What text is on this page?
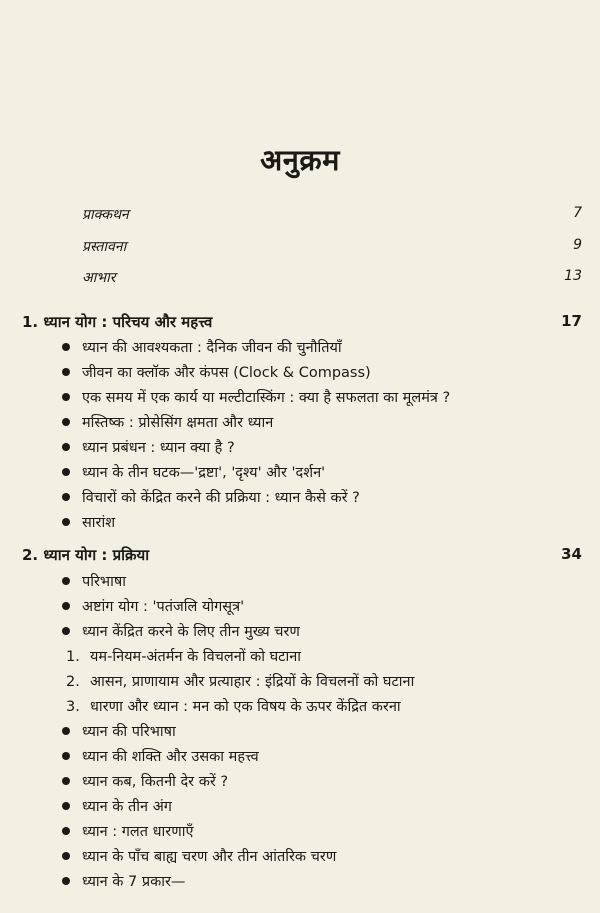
अनुक्रम
प्राक्कथन	7
प्रस्तावना	9
आभार	13
1. ध्यान योग : परिचय और महत्त्व	17
ध्यान की आवश्यकता : दैनिक जीवन की चुनौतियाँ
जीवन का क्लॉक और कंपस (Clock & Compass)
एक समय में एक कार्य या मल्टीटास्किंग : क्या है सफलता का मूलमंत्र ?
मस्तिष्क : प्रोसेसिंग क्षमता और ध्यान
ध्यान प्रबंधन : ध्यान क्या है ?
ध्यान के तीन घटक—'द्रष्टा', 'दृश्य' और 'दर्शन'
विचारों को केंद्रित करने की प्रक्रिया : ध्यान कैसे करें ?
सारांश
2. ध्यान योग : प्रक्रिया	34
परिभाषा
अष्टांग योग : 'पतंजलि योगसूत्र'
ध्यान केंद्रित करने के लिए तीन मुख्य चरण
1. यम-नियम-अंतर्मन के विचलनों को घटाना
2. आसन, प्राणायाम और प्रत्याहार : इंद्रियों के विचलनों को घटाना
3. धारणा और ध्यान : मन को एक विषय के ऊपर केंद्रित करना
ध्यान की परिभाषा
ध्यान की शक्ति और उसका महत्त्व
ध्यान कब, कितनी देर करें ?
ध्यान के तीन अंग
ध्यान : गलत धारणाएँ
ध्यान के पाँच बाह्य चरण और तीन आंतरिक चरण
ध्यान के 7 प्रकार—
